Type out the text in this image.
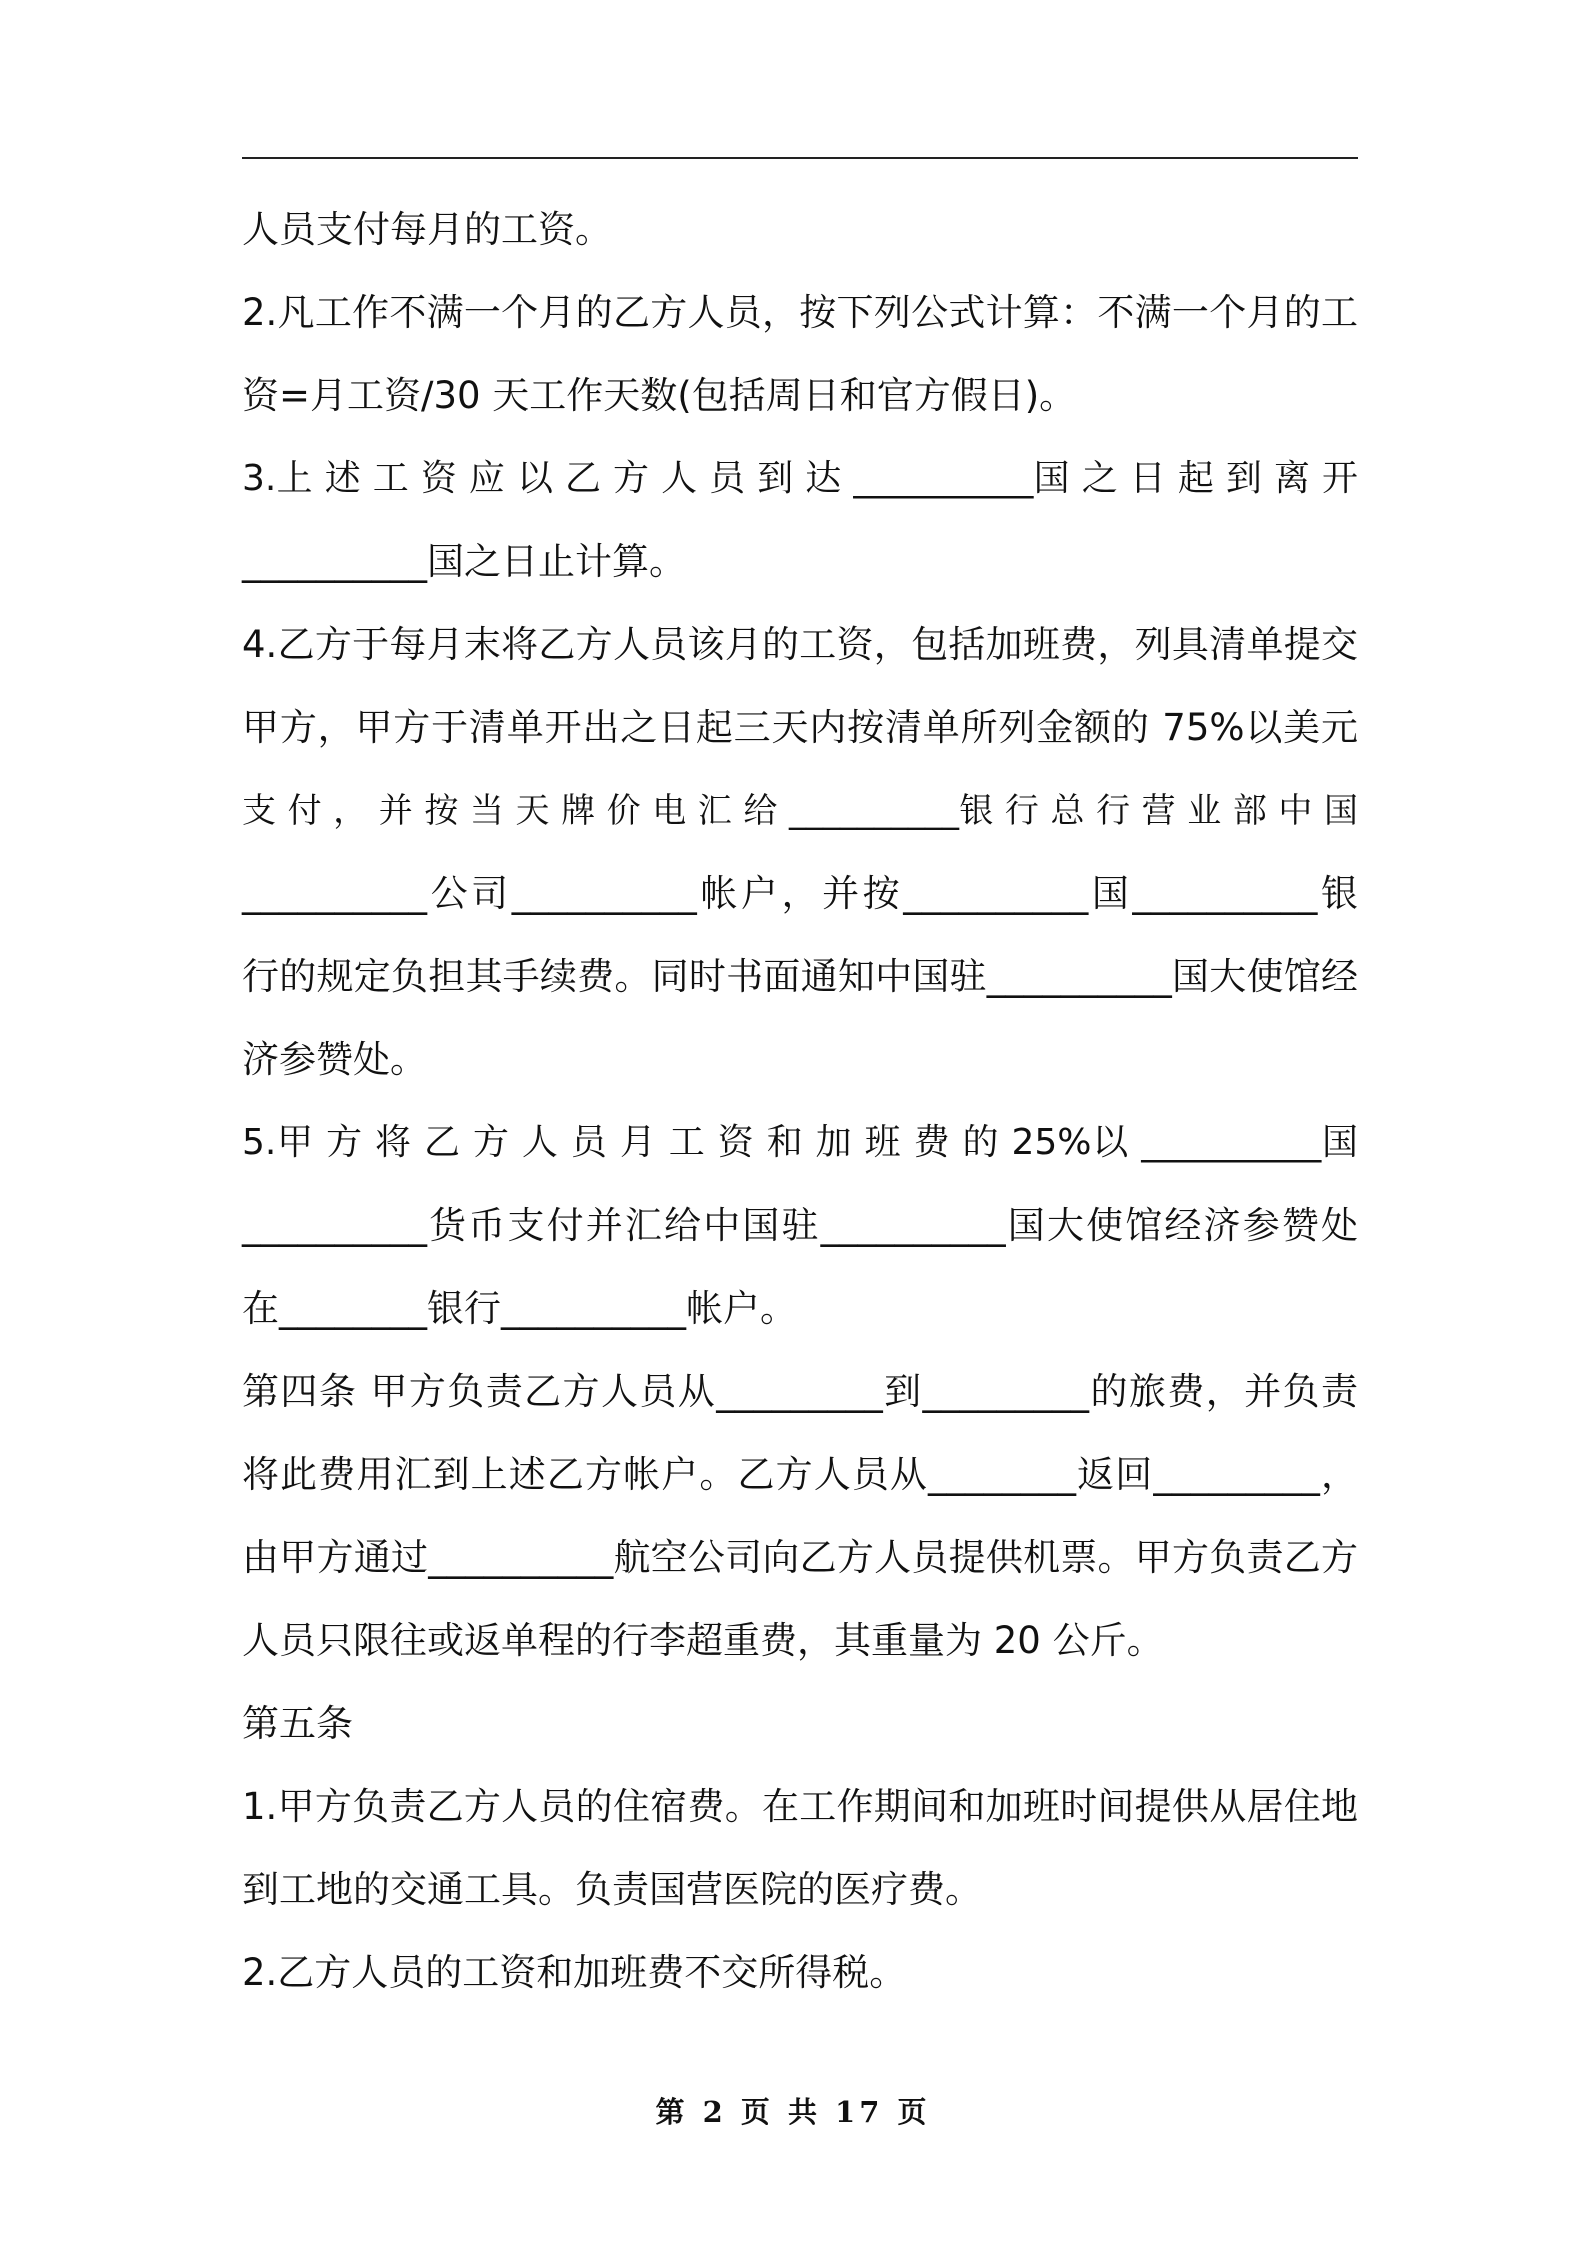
人员支付每月的工资。
2.凡工作不满一个月的乙方人员，按下列公式计算：不满一个月的工
资=月工资/30 天工作天数(包括周日和官方假日)。
3.上 述 工 资 应 以 乙 方 人 员 到 达 __________国 之 日 起 到 离 开
__________国之日止计算。
4.乙方于每月末将乙方人员该月的工资，包括加班费，列具清单提交
甲方，甲方于清单开出之日起三天内按清单所列金额的 75%以美元
支 付 ， 并 按 当 天 牌 价 电 汇 给 __________银 行 总 行 营 业 部 中 国
__________公司__________帐户，并按__________国__________银
行的规定负担其手续费。同时书面通知中国驻__________国大使馆经
济参赞处。
5.甲 方 将 乙 方 人 员 月 工 资 和 加 班 费 的 25%以 __________国
__________货币支付并汇给中国驻__________国大使馆经济参赞处
在________银行__________帐户。
第四条 甲方负责乙方人员从_________到_________的旅费，并负责
将此费用汇到上述乙方帐户。乙方人员从________返回_________，
由甲方通过__________航空公司向乙方人员提供机票。甲方负责乙方
人员只限往或返单程的行李超重费，其重量为 20 公斤。
第五条
1.甲方负责乙方人员的住宿费。在工作期间和加班时间提供从居住地
到工地的交通工具。负责国营医院的医疗费。
2.乙方人员的工资和加班费不交所得税。
第 2 页 共 17 页
